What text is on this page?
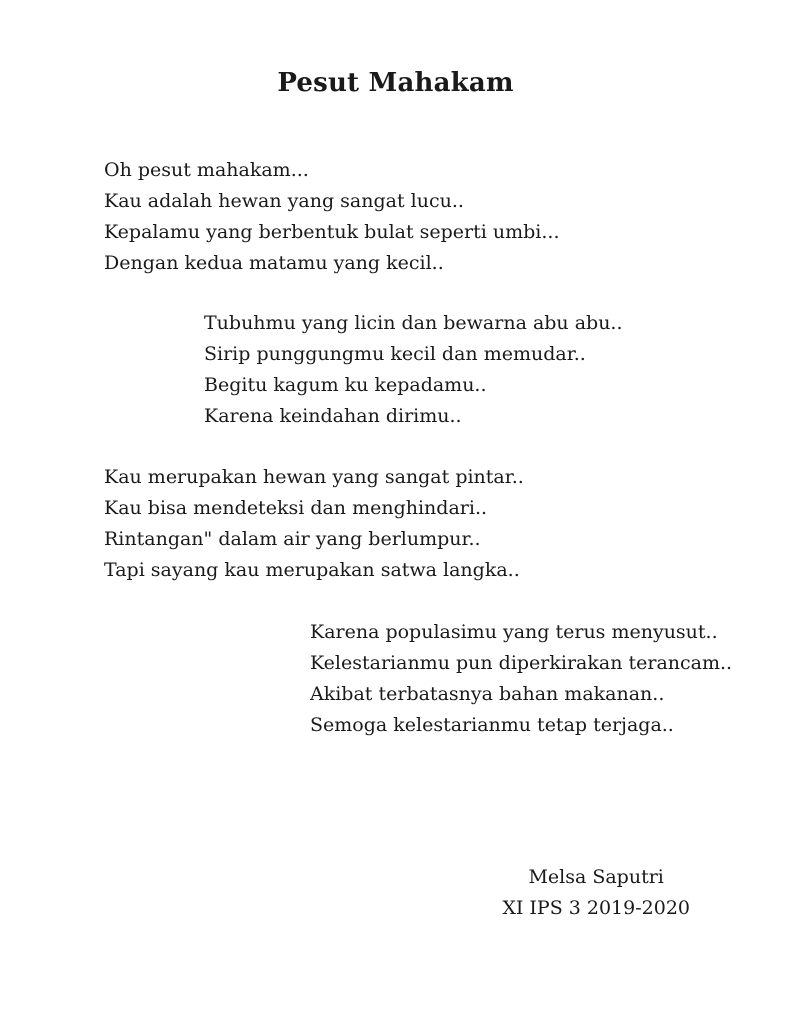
Pesut Mahakam
Oh pesut mahakam...
Kau adalah hewan yang sangat lucu..
Kepalamu yang berbentuk bulat seperti umbi...
Dengan kedua matamu yang kecil..
Tubuhmu yang licin dan bewarna abu abu..
Sirip punggungmu kecil dan memudar..
Begitu kagum ku kepadamu..
Karena keindahan dirimu..
Kau merupakan hewan yang sangat pintar..
Kau bisa mendeteksi dan menghindari..
Rintangan" dalam air yang berlumpur..
Tapi sayang kau merupakan satwa langka..
Karena populasimu yang terus menyusut..
Kelestarianmu pun diperkirakan terancam..
Akibat terbatasnya bahan makanan..
Semoga kelestarianmu tetap terjaga..
Melsa Saputri
XI IPS 3 2019-2020
